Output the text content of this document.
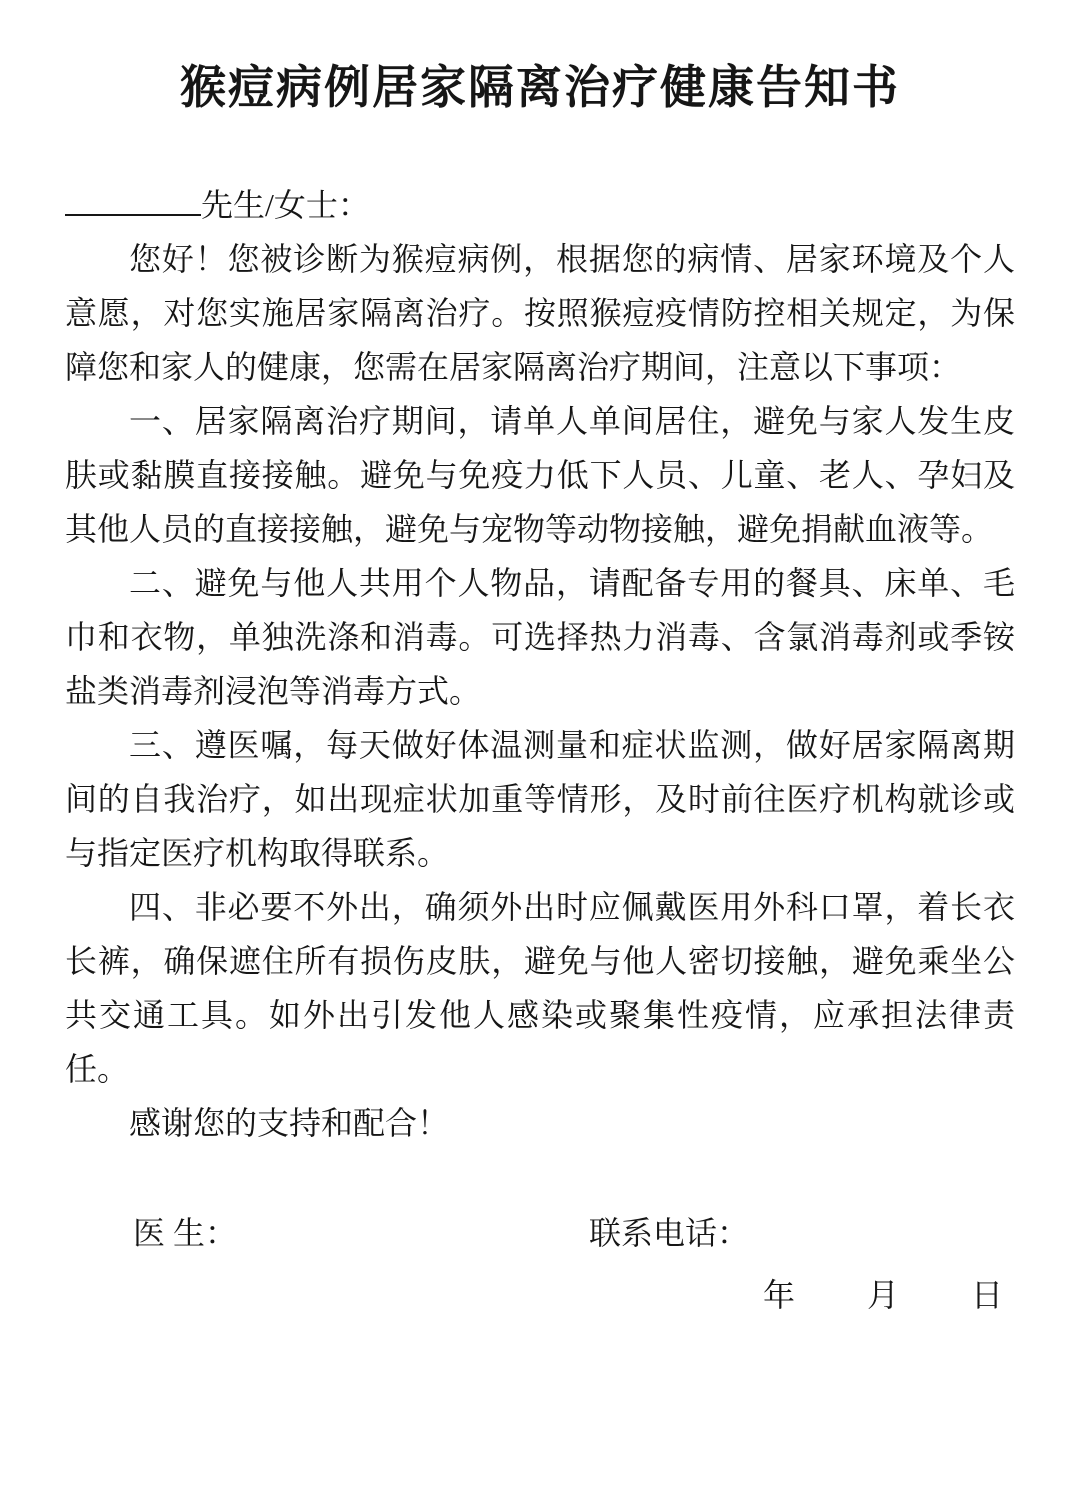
猴痘病例居家隔离治疗健康告知书
先生/女士：

您好！您被诊断为猴痘病例，根据您的病情、居家环境及个人意愿，对您实施居家隔离治疗。按照猴痘疫情防控相关规定，为保障您和家人的健康，您需在居家隔离治疗期间，注意以下事项：

一、居家隔离治疗期间，请单人单间居住，避免与家人发生皮肤或黏膜直接接触。避免与免疫力低下人员、儿童、老人、孕妇及其他人员的直接接触，避免与宠物等动物接触，避免捐献血液等。

二、避免与他人共用个人物品，请配备专用的餐具、床单、毛巾和衣物，单独洗涤和消毒。可选择热力消毒、含氯消毒剂或季铵盐类消毒剂浸泡等消毒方式。

三、遵医嘱，每天做好体温测量和症状监测，做好居家隔离期间的自我治疗，如出现症状加重等情形，及时前往医疗机构就诊或与指定医疗机构取得联系。

四、非必要不外出，确须外出时应佩戴医用外科口罩，着长衣长裤，确保遮住所有损伤皮肤，避免与他人密切接触，避免乘坐公共交通工具。如外出引发他人感染或聚集性疫情，应承担法律责任。

感谢您的支持和配合！

医 生：	联系电话：
年 月 日
